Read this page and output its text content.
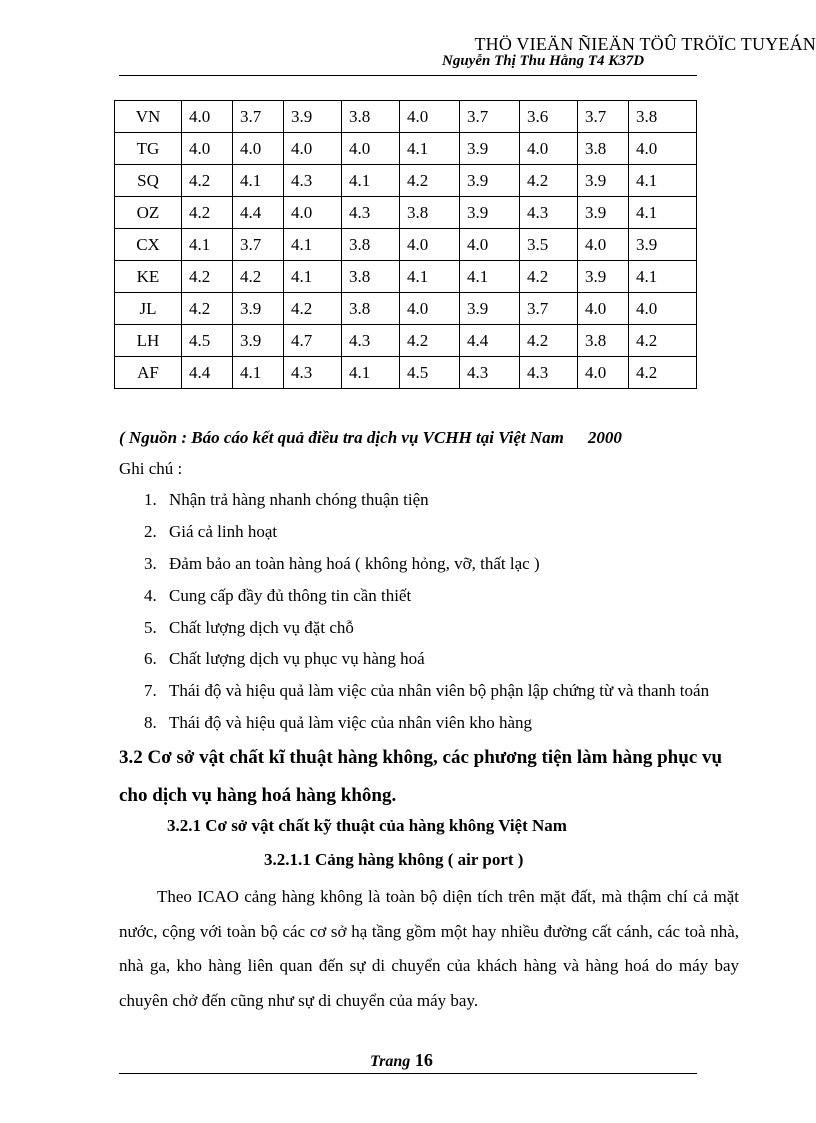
THÖ VIEÄN ÑIEÄN TÖÛ TRÖÏC TUYEÁN
Nguyễn Thị Thu Hằng T4 K37D
VN	4.0	3.7	3.9	3.8	4.0	3.7	3.6	3.7	3.8
TG	4.0	4.0	4.0	4.0	4.1	3.9	4.0	3.8	4.0
SQ	4.2	4.1	4.3	4.1	4.2	3.9	4.2	3.9	4.1
OZ	4.2	4.4	4.0	4.3	3.8	3.9	4.3	3.9	4.1
CX	4.1	3.7	4.1	3.8	4.0	4.0	3.5	4.0	3.9
KE	4.2	4.2	4.1	3.8	4.1	4.1	4.2	3.9	4.1
JL	4.2	3.9	4.2	3.8	4.0	3.9	3.7	4.0	4.0
LH	4.5	3.9	4.7	4.3	4.2	4.4	4.2	3.8	4.2
AF	4.4	4.1	4.3	4.1	4.5	4.3	4.3	4.0	4.2
( Nguồn : Báo cáo kết quả điều tra dịch vụ VCHH tại Việt Nam 2000
Ghi chú :
1. Nhận trả hàng nhanh chóng thuận tiện
2. Giá cả linh hoạt
3. Đảm bảo an toàn hàng hoá ( không hỏng, vỡ, thất lạc )
4. Cung cấp đầy đủ thông tin cần thiết
5. Chất lượng dịch vụ đặt chỗ
6. Chất lượng dịch vụ phục vụ hàng hoá
7. Thái độ và hiệu quả làm việc của nhân viên bộ phận lập chứng từ và thanh toán
8. Thái độ và hiệu quả làm việc của nhân viên kho hàng
3.2 Cơ sở vật chất kĩ thuật hàng không, các phương tiện làm hàng phục vụ
cho dịch vụ hàng hoá hàng không.
3.2.1 Cơ sở vật chất kỹ thuật của hàng không Việt Nam
3.2.1.1 Cảng hàng không ( air port )
Theo ICAO cảng hàng không là toàn bộ diện tích trên mặt đất, mà thậm chí cả mặt nước, cộng với toàn bộ các cơ sở hạ tầng gồm một hay nhiều đường cất cánh, các toà nhà, nhà ga, kho hàng liên quan đến sự di chuyển của khách hàng và hàng hoá do máy bay chuyên chở đến cũng như sự di chuyển của máy bay.
Trang 16
